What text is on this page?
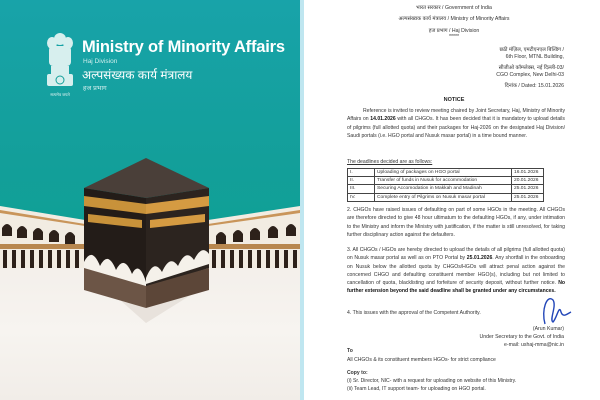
सत्यमेव जयते
Ministry of Minority Affairs
Haj Division
अल्पसंख्यक कार्य मंत्रालय
हज प्रभाग
भारत सरकार / Government of India
अल्पसंख्यक कार्य मंत्रालय / Ministry of Minority Affairs
हज प्रभाग / Haj Division
*****
छठी मंज़िल, एमटीएनएल बिल्डिंग /
6th Floor, MTNL Building,
सीजीओ कॉम्प्लेक्स, नई दिल्ली-03/
CGO Complex, New Delhi-03
दिनांक / Dated: 15.01.2026
NOTICE
Reference is invited to review meeting chaired by Joint Secretary, Haj, Ministry of Minority Affairs on 14.01.2026 with all CHGOs. It has been decided that it is mandatory to upload details of pilgrims (full allotted quota) and their packages for Haj-2026 on the designated Haj Division/ Saudi portals (i.e. HGO portal and Nusuk masar portal) in a time bound manner.
The deadlines decided are as follows:
I.	Uploading of packages on HGO portal	16.01.2026
II.	Transfer of funds in Nusuk for accommodation	20.01.2026
III.	Securing Accomodation in Makkah and Madinah	25.01.2026
IV.	Complete entry of Pilgrims on Nusuk masar portal	25.01.2026
2. CHGOs have raised issues of defaulting on part of some HGOs in the meeting. All CHGOs are therefore directed to give 48 hour ultimatum to the defaulting HGOs, if any, under intimation to the Ministry and inform the Ministry with justification, if the matter is still unresolved, for taking further disciplinary action against the defaulters.
3. All CHGOs / HGOs are hereby directed to upload the details of all pilgrims (full allotted quota) on Nusuk masar portal as well as on PTO Portal by 25.01.2026. Any shortfall in the onboarding on Nusuk below the allotted quota by CHGOs/HGOs will attract penal action against the concerned CHGO and defaulting constituent member HGO(s), including but not limited to cancellation of quota, blacklisting and forfeiture of security deposit, without further notice. No further extension beyond the said deadline shall be granted under any circumstances.
4. This issues with the approval of the Competent Authority.
(Arun Kumar)
Under Secretary to the Govt. of India
e-mail: ushaj-mma@nic.in
To
All CHGOs & its constituent members HGOs- for strict compliance
Copy to:
(i) Sr. Director, NIC- with a request for uploading on website of this Ministry.
(ii) Team Lead, IT support team- for uploading on HGO portal.
